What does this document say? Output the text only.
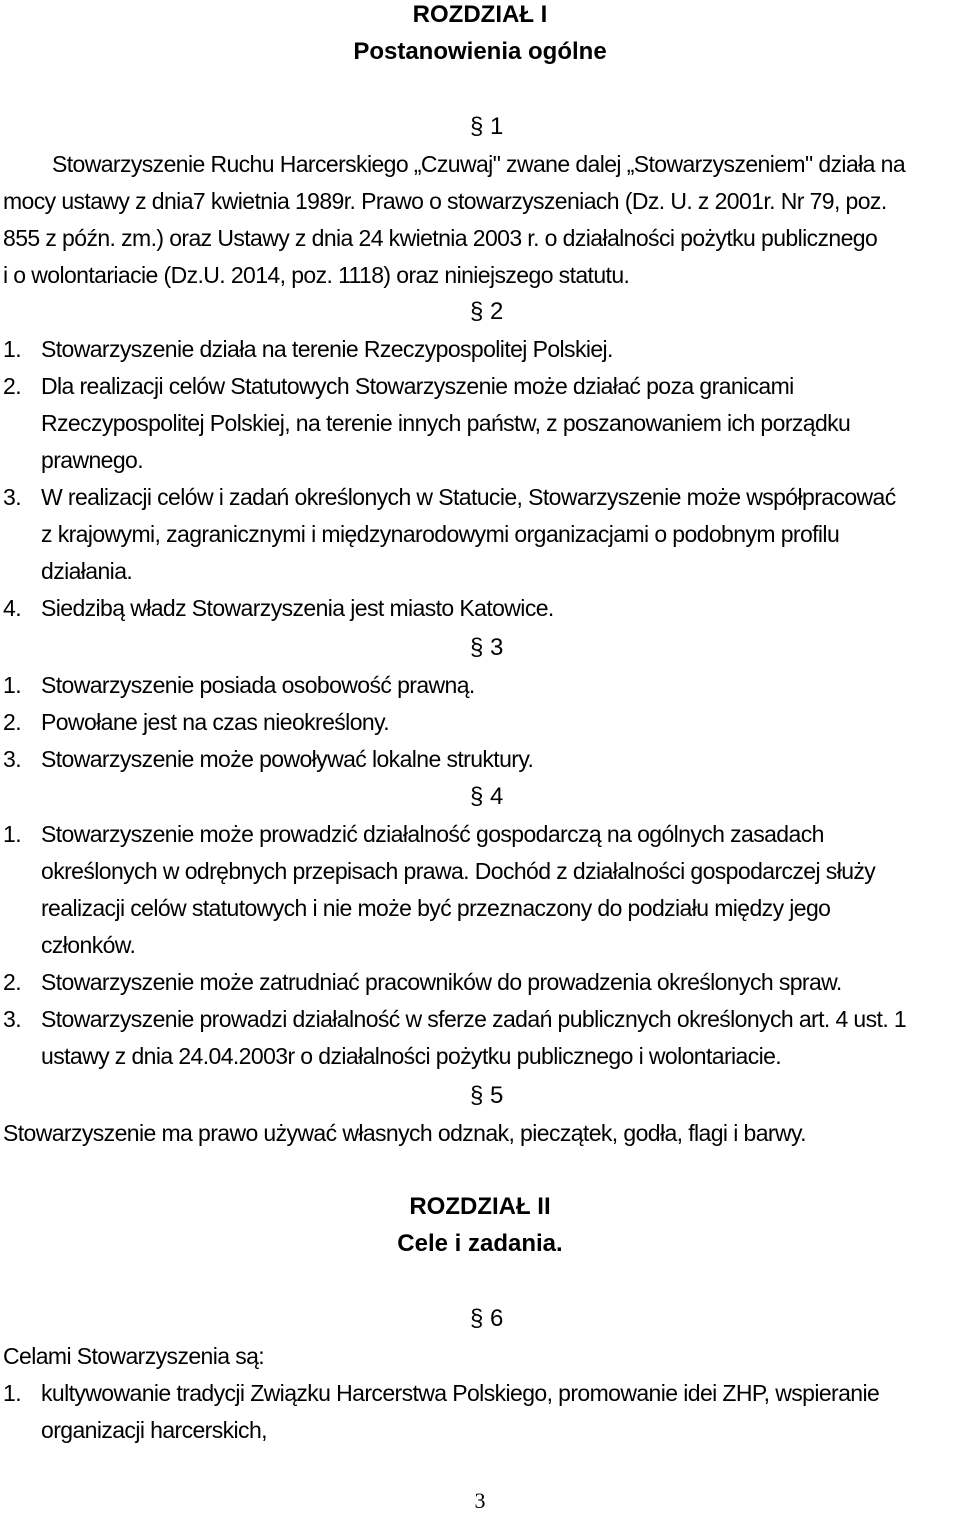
ROZDZIAŁ I
Postanowienia ogólne
§ 1
Stowarzyszenie Ruchu Harcerskiego „Czuwaj" zwane dalej „Stowarzyszeniem" działa na
mocy ustawy z dnia7 kwietnia 1989r. Prawo o stowarzyszeniach (Dz. U. z 2001r. Nr 79, poz.
855 z późn. zm.) oraz Ustawy z dnia 24 kwietnia 2003 r. o działalności pożytku publicznego
i o wolontariacie (Dz.U. 2014, poz. 1118) oraz niniejszego statutu.
§ 2
1. Stowarzyszenie działa na terenie Rzeczypospolitej Polskiej.
2. Dla realizacji celów Statutowych Stowarzyszenie może działać poza granicami
Rzeczypospolitej Polskiej, na terenie innych państw, z poszanowaniem ich porządku
prawnego.
3. W realizacji celów i zadań określonych w Statucie, Stowarzyszenie może współpracować
z krajowymi, zagranicznymi i międzynarodowymi organizacjami o podobnym profilu
działania.
4. Siedzibą władz Stowarzyszenia jest miasto Katowice.
§ 3
1. Stowarzyszenie posiada osobowość prawną.
2. Powołane jest na czas nieokreślony.
3. Stowarzyszenie może powoływać lokalne struktury.
§ 4
1. Stowarzyszenie może prowadzić działalność gospodarczą na ogólnych zasadach
określonych w odrębnych przepisach prawa. Dochód z działalności gospodarczej służy
realizacji celów statutowych i nie może być przeznaczony do podziału między jego
członków.
2. Stowarzyszenie może zatrudniać pracowników do prowadzenia określonych spraw.
3. Stowarzyszenie prowadzi działalność w sferze zadań publicznych określonych art. 4 ust. 1
ustawy z dnia 24.04.2003r o działalności pożytku publicznego i wolontariacie.
§ 5
Stowarzyszenie ma prawo używać własnych odznak, pieczątek, godła, flagi i barwy.
ROZDZIAŁ II
Cele i zadania.
§ 6
Celami Stowarzyszenia są:
1. kultywowanie tradycji Związku Harcerstwa Polskiego, promowanie idei ZHP, wspieranie
organizacji harcerskich,
3
